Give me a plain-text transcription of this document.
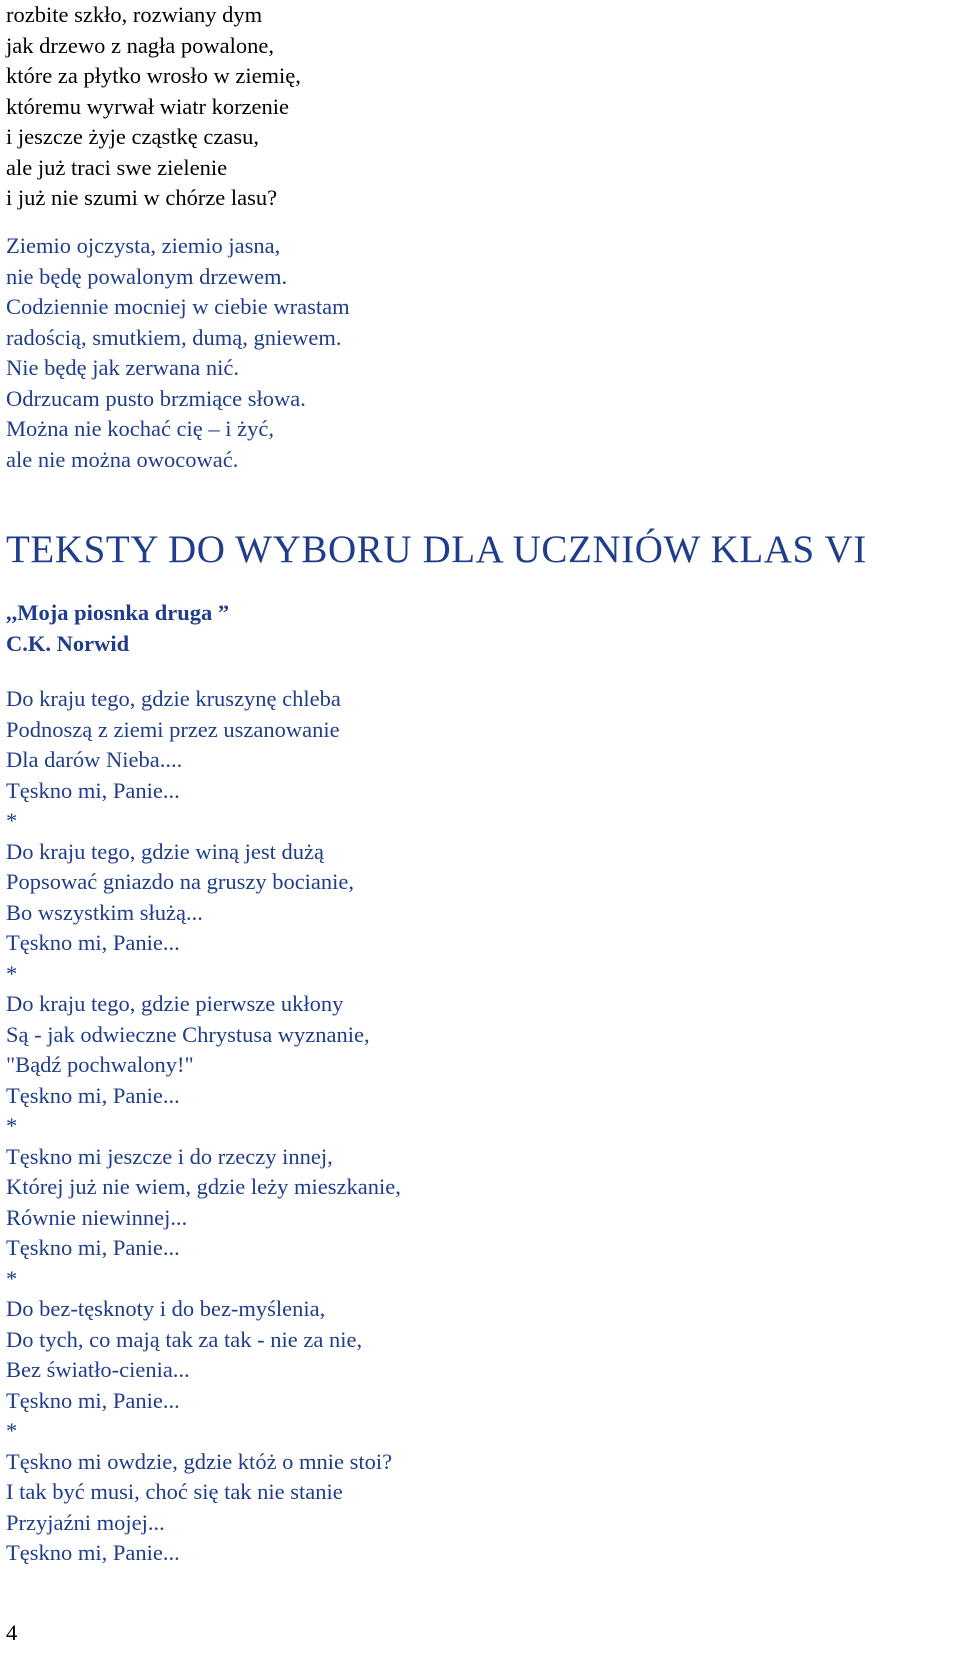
rozbite szkło, rozwiany dym
jak drzewo z nagła powalone,
które za płytko wrosło w ziemię,
któremu wyrwał wiatr korzenie
i jeszcze żyje cząstkę czasu,
ale już traci swe zielenie
i już nie szumi w chórze lasu?
Ziemio ojczysta, ziemio jasna,
nie będę powalonym drzewem.
Codziennie mocniej w ciebie wrastam
radością, smutkiem, dumą, gniewem.
Nie będę jak zerwana nić.
Odrzucam pusto brzmiące słowa.
Można nie kochać cię – i żyć,
ale nie można owocować.
TEKSTY DO WYBORU DLA UCZNIÓW KLAS VI
,,Moja piosnka druga ”
C.K. Norwid
Do kraju tego, gdzie kruszynę chleba
Podnoszą z ziemi przez uszanowanie
Dla darów Nieba....
Tęskno mi, Panie...
*
Do kraju tego, gdzie winą jest dużą
Popsować gniazdo na gruszy bocianie,
Bo wszystkim służą...
Tęskno mi, Panie...
*
Do kraju tego, gdzie pierwsze ukłony
Są - jak odwieczne Chrystusa wyznanie,
"Bądź pochwalony!"
Tęskno mi, Panie...
*
Tęskno mi jeszcze i do rzeczy innej,
Której już nie wiem, gdzie leży mieszkanie,
Równie niewinnej...
Tęskno mi, Panie...
*
Do bez-tęsknoty i do bez-myślenia,
Do tych, co mają tak za tak - nie za nie,
Bez światło-cienia...
Tęskno mi, Panie...
*
Tęskno mi owdzie, gdzie któż o mnie stoi?
I tak być musi, choć się tak nie stanie
Przyjaźni mojej...
Tęskno mi, Panie...
4
